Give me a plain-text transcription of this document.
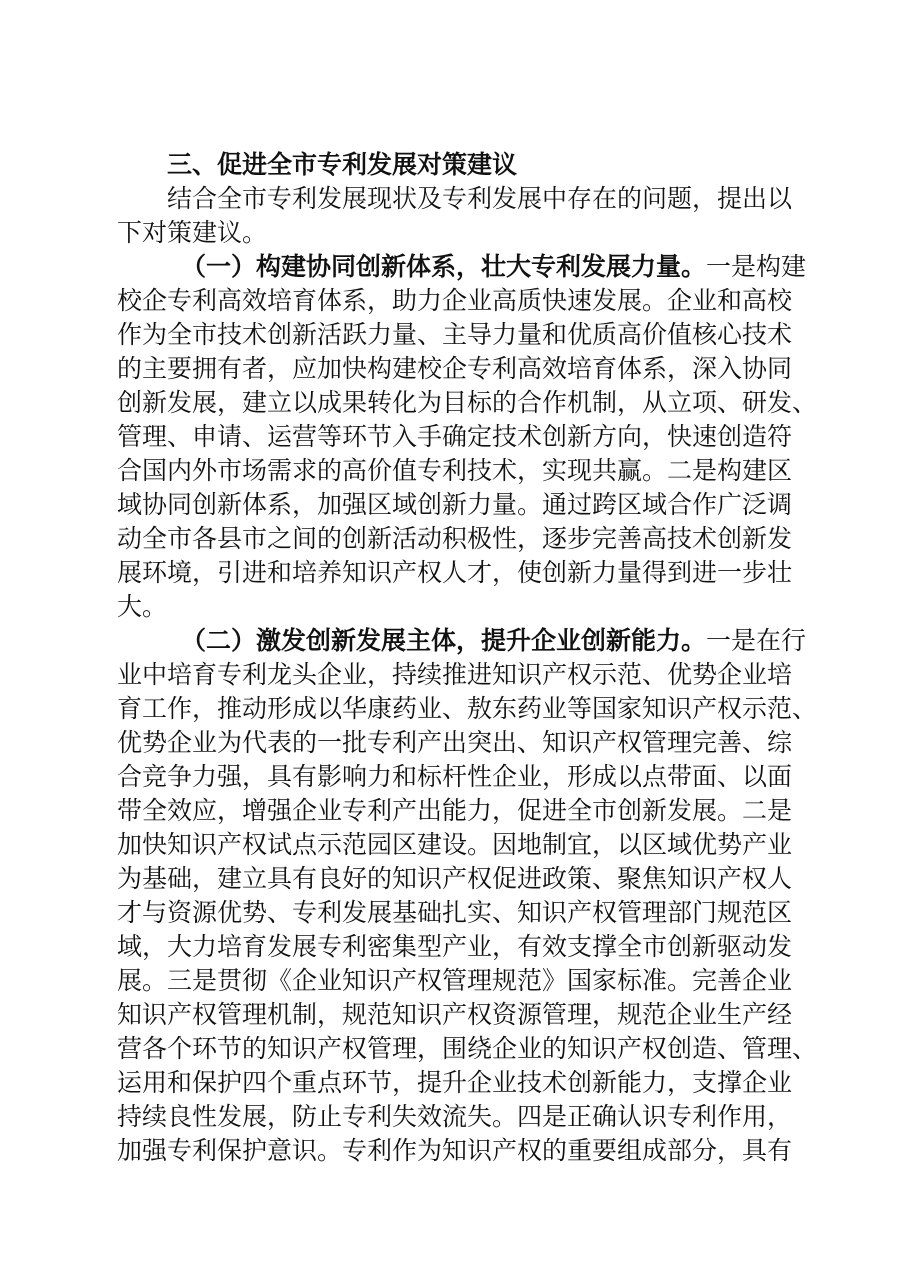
三、促进全市专利发展对策建议
结合全市专利发展现状及专利发展中存在的问题，提出以
下对策建议。
（一）构建协同创新体系，壮大专利发展力量。一是构建
校企专利高效培育体系，助力企业高质快速发展。企业和高校
作为全市技术创新活跃力量、主导力量和优质高价值核心技术
的主要拥有者，应加快构建校企专利高效培育体系，深入协同
创新发展，建立以成果转化为目标的合作机制，从立项、研发、
管理、申请、运营等环节入手确定技术创新方向，快速创造符
合国内外市场需求的高价值专利技术，实现共赢。二是构建区
域协同创新体系，加强区域创新力量。通过跨区域合作广泛调
动全市各县市之间的创新活动积极性，逐步完善高技术创新发
展环境，引进和培养知识产权人才，使创新力量得到进一步壮
大。
（二）激发创新发展主体，提升企业创新能力。一是在行
业中培育专利龙头企业，持续推进知识产权示范、优势企业培
育工作，推动形成以华康药业、敖东药业等国家知识产权示范、
优势企业为代表的一批专利产出突出、知识产权管理完善、综
合竞争力强，具有影响力和标杆性企业，形成以点带面、以面
带全效应，增强企业专利产出能力，促进全市创新发展。二是
加快知识产权试点示范园区建设。因地制宜，以区域优势产业
为基础，建立具有良好的知识产权促进政策、聚焦知识产权人
才与资源优势、专利发展基础扎实、知识产权管理部门规范区
域，大力培育发展专利密集型产业，有效支撑全市创新驱动发
展。三是贯彻《企业知识产权管理规范》国家标准。完善企业
知识产权管理机制，规范知识产权资源管理，规范企业生产经
营各个环节的知识产权管理，围绕企业的知识产权创造、管理、
运用和保护四个重点环节，提升企业技术创新能力，支撑企业
持续良性发展，防止专利失效流失。四是正确认识专利作用，
加强专利保护意识。专利作为知识产权的重要组成部分，具有
